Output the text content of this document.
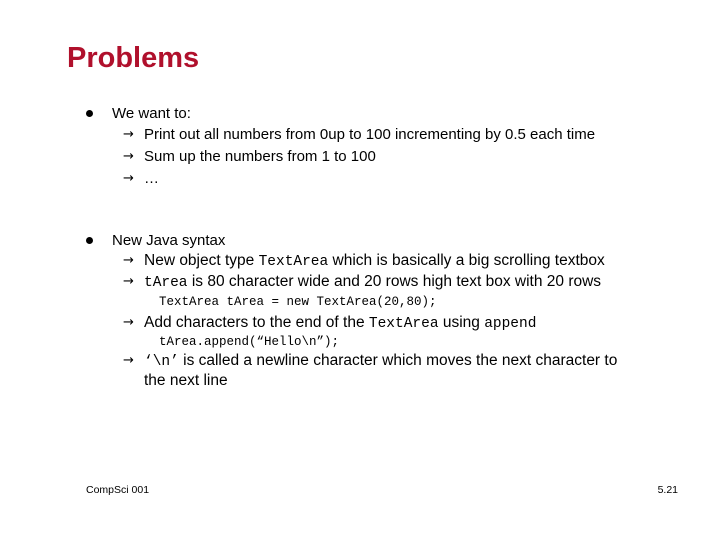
Problems
We want to:
→ Print out all numbers from 0up to 100 incrementing by 0.5 each time
→ Sum up the numbers from 1 to 100
→ …
New Java syntax
→ New object type TextArea which is basically a big scrolling textbox
→ tArea is 80 character wide and 20 rows high text box with 20 rows
TextArea tArea = new TextArea(20,80);
→ Add characters to the end of the TextArea using append
tArea.append(“Hello\n”);
→ ‘\n’ is called a newline character which moves the next character to
the next line
CompSci 001	5.21
